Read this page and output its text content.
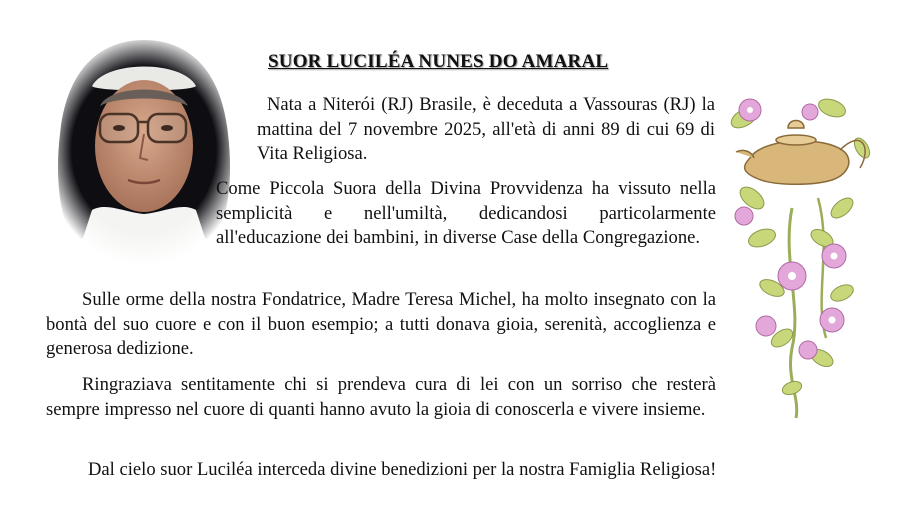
SUOR LUCILÉA NUNES DO AMARAL

Nata a Niterói (RJ) Brasile, è deceduta a Vassouras (RJ) la mattina del 7 novembre 2025, all'età di anni 89 di cui 69 di Vita Religiosa.

Come Piccola Suora della Divina Provvidenza ha vissuto nella semplicità e nell'umiltà, dedicandosi particolarmente all'educazione dei bambini, in diverse Case della Congregazione.

Sulle orme della nostra Fondatrice, Madre Teresa Michel, ha molto insegnato con la bontà del suo cuore e con il buon esempio; a tutti donava gioia, serenità, accoglienza e generosa dedizione.

Ringraziava sentitamente chi si prendeva cura di lei con un sorriso che resterà sempre impresso nel cuore di quanti hanno avuto la gioia di conoscerla e vivere insieme.

Dal cielo suor Luciléa interceda divine benedizioni per la nostra Famiglia Religiosa!
